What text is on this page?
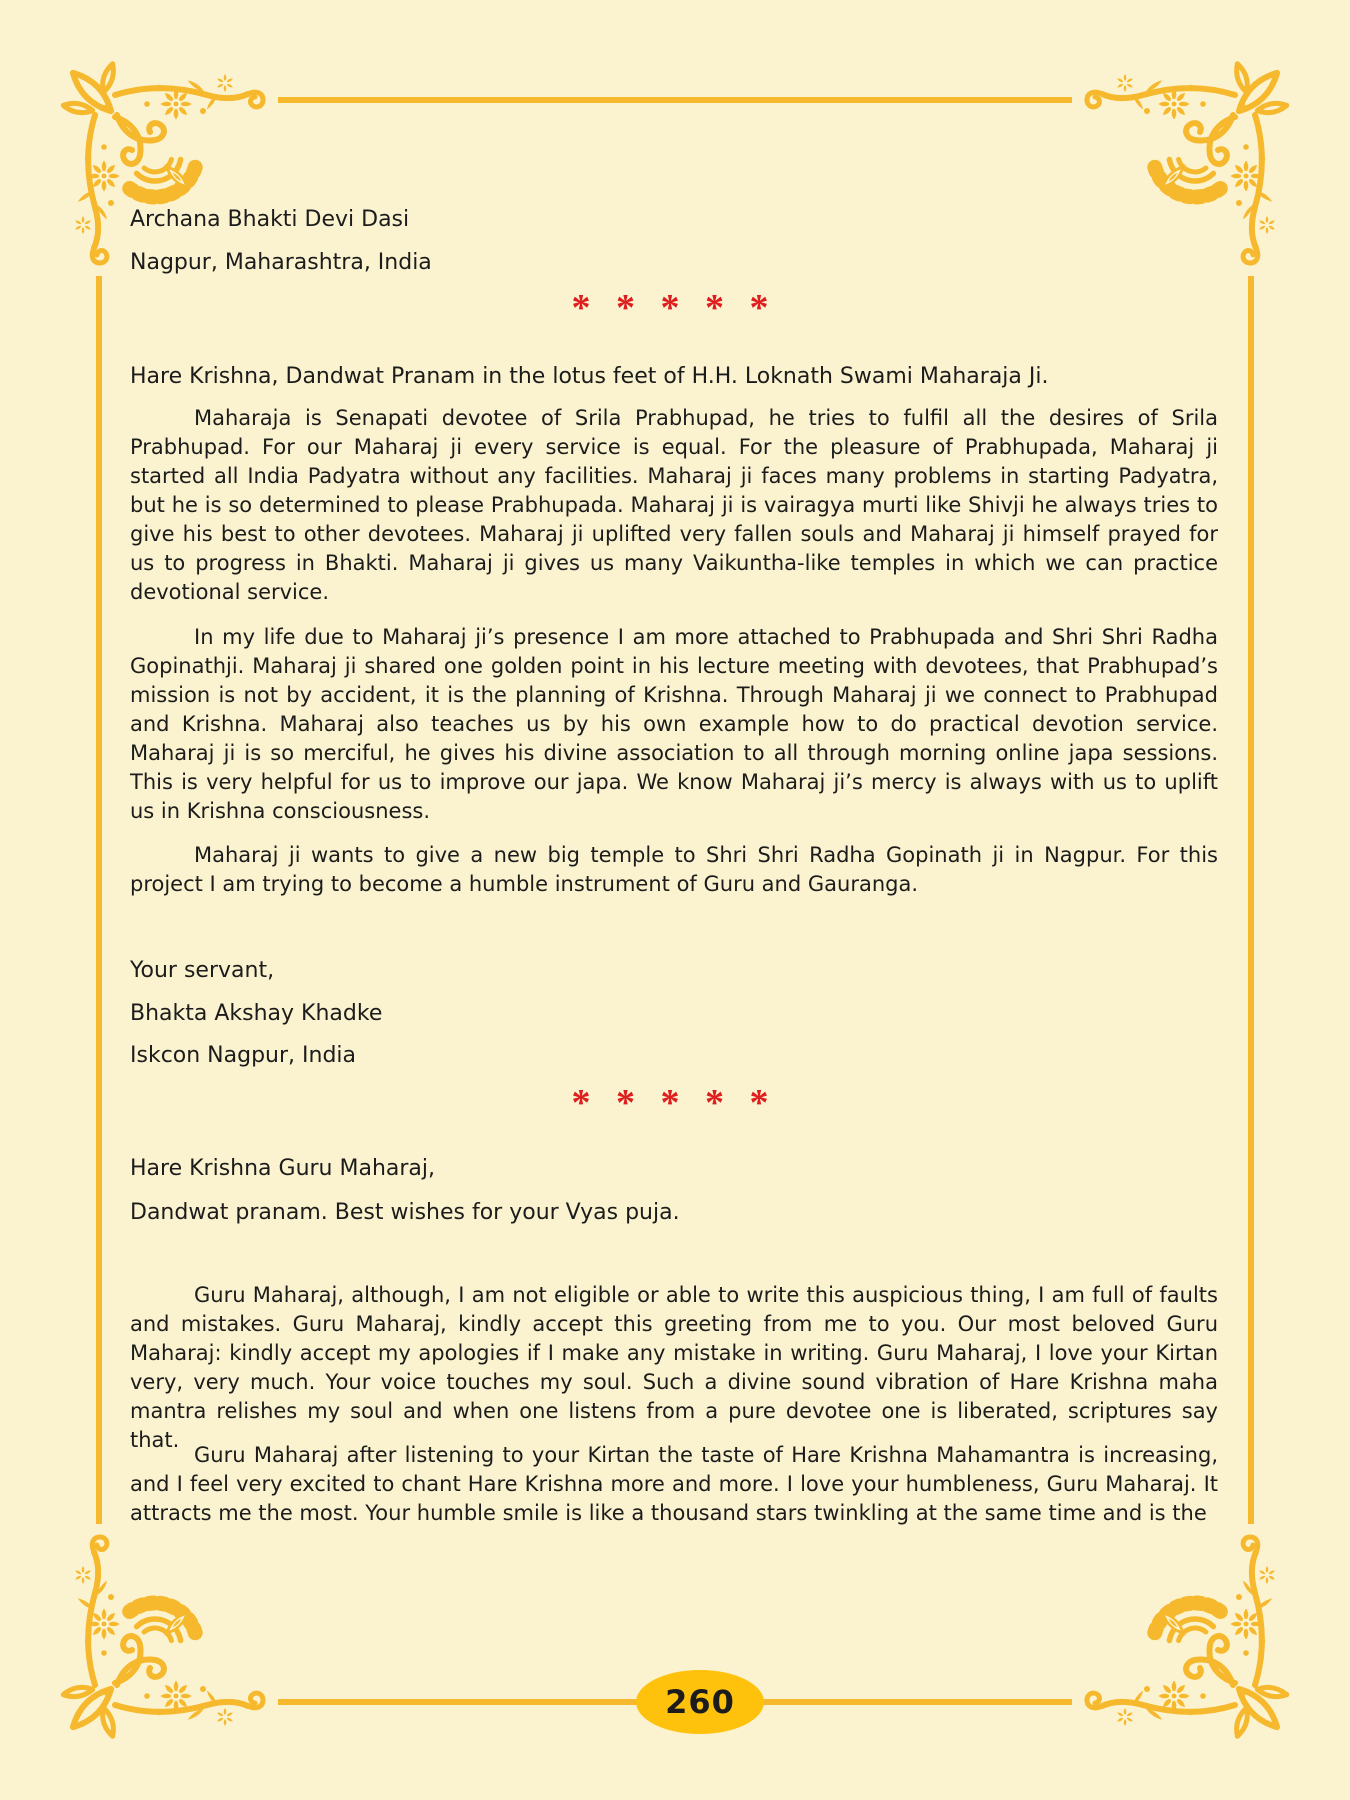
Archana Bhakti Devi Dasi
Nagpur, Maharashtra, India
* * * * *
Hare Krishna, Dandwat Pranam in the lotus feet of H.H. Loknath Swami Maharaja Ji.
Maharaja is Senapati devotee of Srila Prabhupad, he tries to fulfil all the desires of Srila Prabhupad. For our Maharaj ji every service is equal. For the pleasure of Prabhupada, Maharaj ji started all India Padyatra without any facilities. Maharaj ji faces many problems in starting Padyatra, but he is so determined to please Prabhupada. Maharaj ji is vairagya murti like Shivji he always tries to give his best to other devotees. Maharaj ji uplifted very fallen souls and Maharaj ji himself prayed for us to progress in Bhakti. Maharaj ji gives us many Vaikuntha-like temples in which we can practice devotional service.
In my life due to Maharaj ji’s presence I am more attached to Prabhupada and Shri Shri Radha Gopinathji. Maharaj ji shared one golden point in his lecture meeting with devotees, that Prabhupad’s mission is not by accident, it is the planning of Krishna. Through Maharaj ji we connect to Prabhupad and Krishna. Maharaj also teaches us by his own example how to do practical devotion service. Maharaj ji is so merciful, he gives his divine association to all through morning online japa sessions. This is very helpful for us to improve our japa. We know Maharaj ji’s mercy is always with us to uplift us in Krishna consciousness.
Maharaj ji wants to give a new big temple to Shri Shri Radha Gopinath ji in Nagpur. For this project I am trying to become a humble instrument of Guru and Gauranga.
Your servant,
Bhakta Akshay Khadke
Iskcon Nagpur, India
* * * * *
Hare Krishna Guru Maharaj,
Dandwat pranam. Best wishes for your Vyas puja.
Guru Maharaj, although, I am not eligible or able to write this auspicious thing, I am full of faults and mistakes. Guru Maharaj, kindly accept this greeting from me to you. Our most beloved Guru Maharaj: kindly accept my apologies if I make any mistake in writing. Guru Maharaj, I love your Kirtan very, very much. Your voice touches my soul. Such a divine sound vibration of Hare Krishna maha mantra relishes my soul and when one listens from a pure devotee one is liberated, scriptures say that.
Guru Maharaj after listening to your Kirtan the taste of Hare Krishna Mahamantra is increasing, and I feel very excited to chant Hare Krishna more and more. I love your humbleness, Guru Maharaj. It attracts me the most. Your humble smile is like a thousand stars twinkling at the same time and is the
260
